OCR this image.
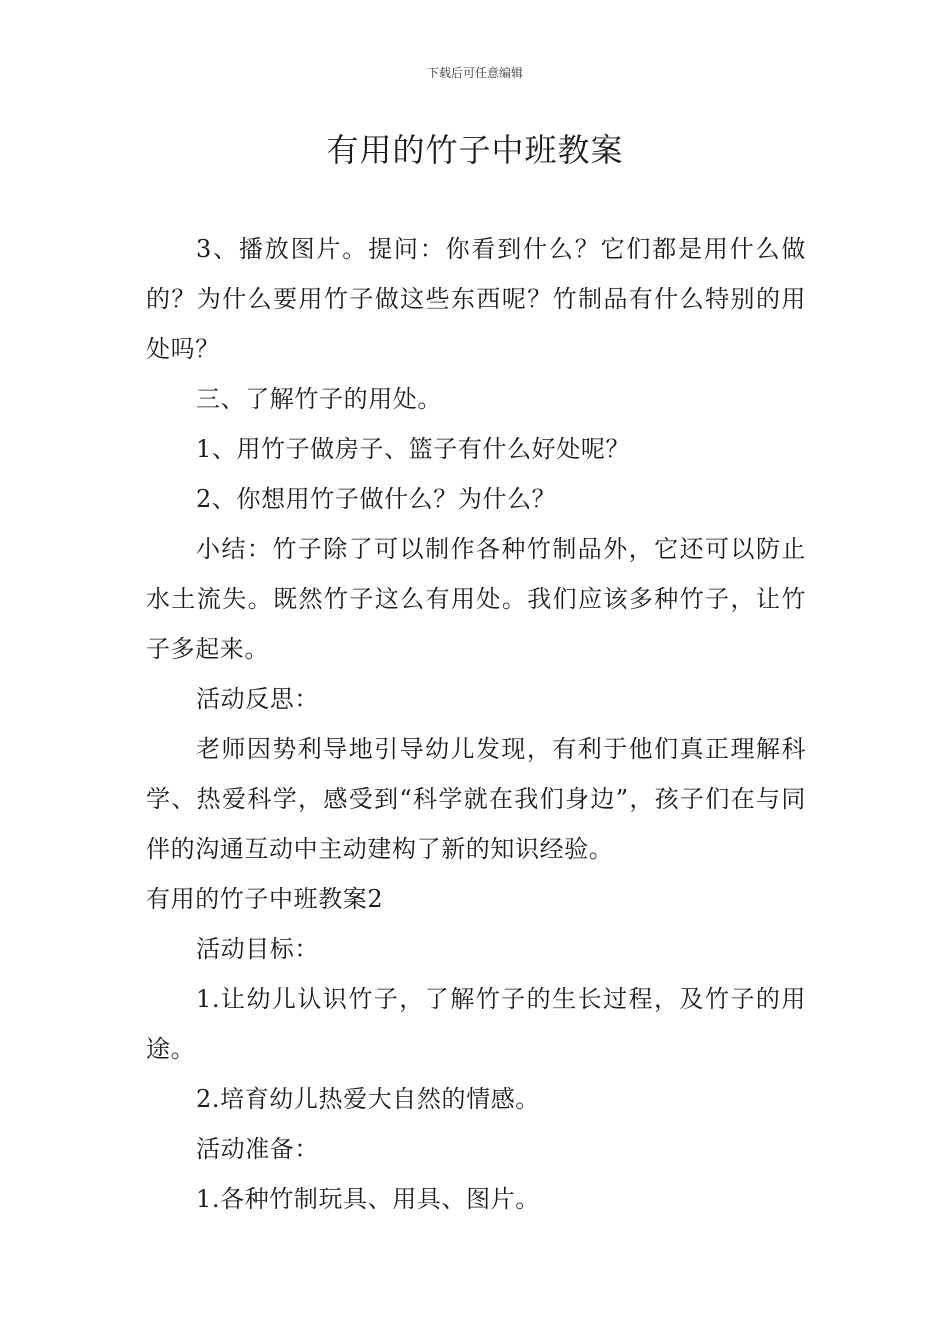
下载后可任意编辑
有用的竹子中班教案

3、播放图片。提问：你看到什么？它们都是用什么做的？为什么要用竹子做这些东西呢？竹制品有什么特别的用处吗？

三、了解竹子的用处。

1、用竹子做房子、篮子有什么好处呢？

2、你想用竹子做什么？为什么？

小结：竹子除了可以制作各种竹制品外，它还可以防止水土流失。既然竹子这么有用处。我们应该多种竹子，让竹子多起来。

活动反思：

老师因势利导地引导幼儿发现，有利于他们真正理解科学、热爱科学，感受到“科学就在我们身边”，孩子们在与同伴的沟通互动中主动建构了新的知识经验。

有用的竹子中班教案2

活动目标：

1.让幼儿认识竹子，了解竹子的生长过程，及竹子的用途。

2.培育幼儿热爱大自然的情感。

活动准备：

1.各种竹制玩具、用具、图片。
